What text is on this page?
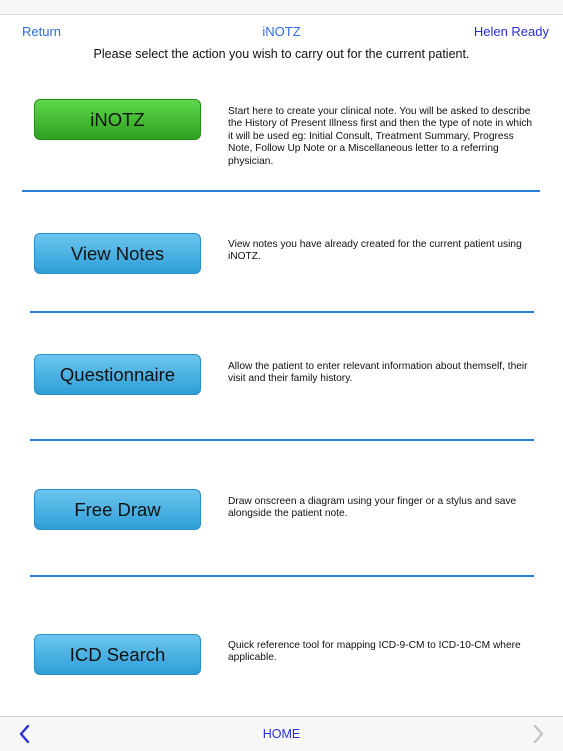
Return	iNOTZ	Helen Ready
Please select the action you wish to carry out for the current patient.
iNOTZ	Start here to create your clinical note. You will be asked to describe the History of Present Illness first and then the type of note in which it will be used eg: Initial Consult, Treatment Summary, Progress Note, Follow Up Note or a Miscellaneous letter to a referring physician.
View Notes	View notes you have already created for the current patient using iNOTZ.
Questionnaire	Allow the patient to enter relevant information about themself, their visit and their family history.
Free Draw	Draw onscreen a diagram using your finger or a stylus and save alongside the patient note.
ICD Search	Quick reference tool for mapping ICD-9-CM to ICD-10-CM where applicable.
HOME
